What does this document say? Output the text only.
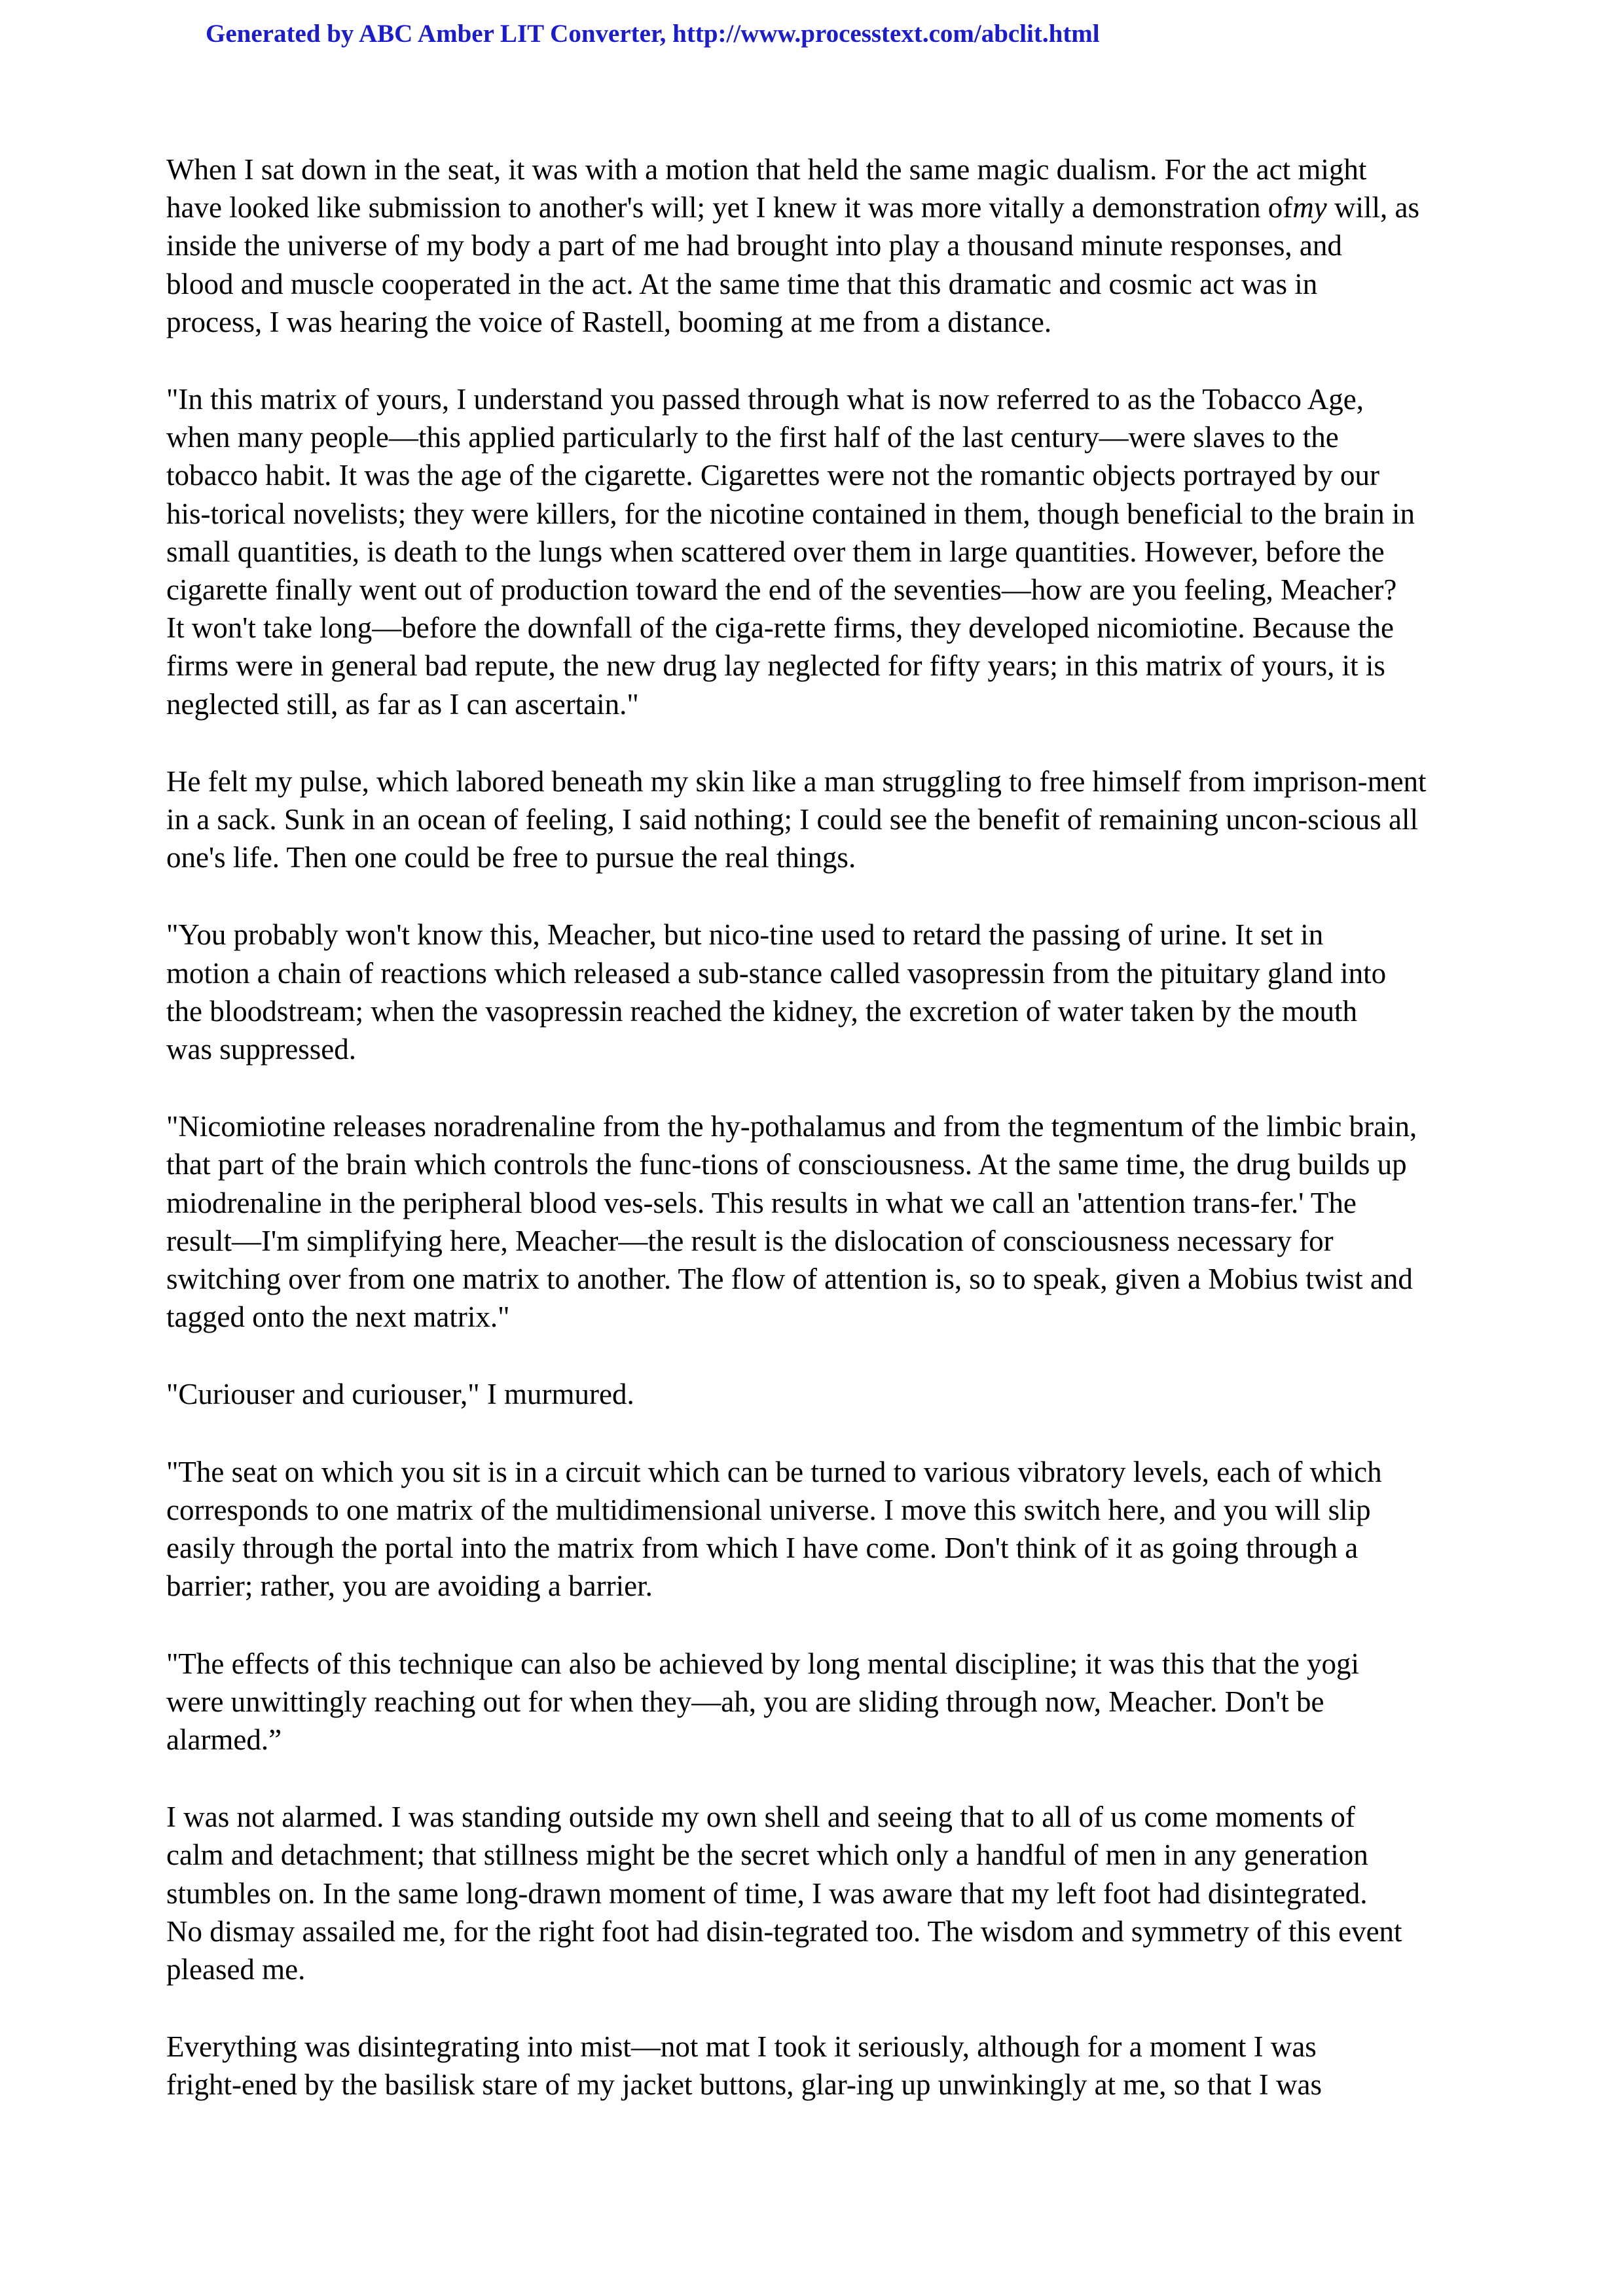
Generated by ABC Amber LIT Converter, http://www.processtext.com/abclit.html

When I sat down in the seat, it was with a motion that held the same magic dualism. For the act might
have looked like submission to another's will; yet I knew it was more vitally a demonstration ofmy will, as
inside the universe of my body a part of me had brought into play a thousand minute responses, and
blood and muscle cooperated in the act. At the same time that this dramatic and cosmic act was in
process, I was hearing the voice of Rastell, booming at me from a distance.

"In this matrix of yours, I understand you passed through what is now referred to as the Tobacco Age,
when many people—this applied particularly to the first half of the last century—were slaves to the
tobacco habit. It was the age of the cigarette. Cigarettes were not the romantic objects portrayed by our
his-torical novelists; they were killers, for the nicotine contained in them, though beneficial to the brain in
small quantities, is death to the lungs when scattered over them in large quantities. However, before the
cigarette finally went out of production toward the end of the seventies—how are you feeling, Meacher?
It won't take long—before the downfall of the ciga-rette firms, they developed nicomiotine. Because the
firms were in general bad repute, the new drug lay neglected for fifty years; in this matrix of yours, it is
neglected still, as far as I can ascertain."

He felt my pulse, which labored beneath my skin like a man struggling to free himself from imprison-ment
in a sack. Sunk in an ocean of feeling, I said nothing; I could see the benefit of remaining uncon-scious all
one's life. Then one could be free to pursue the real things.

"You probably won't know this, Meacher, but nico-tine used to retard the passing of urine. It set in
motion a chain of reactions which released a sub-stance called vasopressin from the pituitary gland into
the bloodstream; when the vasopressin reached the kidney, the excretion of water taken by the mouth
was suppressed.

"Nicomiotine releases noradrenaline from the hy-pothalamus and from the tegmentum of the limbic brain,
that part of the brain which controls the func-tions of consciousness. At the same time, the drug builds up
miodrenaline in the peripheral blood ves-sels. This results in what we call an 'attention trans-fer.' The
result—I'm simplifying here, Meacher—the result is the dislocation of consciousness necessary for
switching over from one matrix to another. The flow of attention is, so to speak, given a Mobius twist and
tagged onto the next matrix."

"Curiouser and curiouser," I murmured.

"The seat on which you sit is in a circuit which can be turned to various vibratory levels, each of which
corresponds to one matrix of the multidimensional universe. I move this switch here, and you will slip
easily through the portal into the matrix from which I have come. Don't think of it as going through a
barrier; rather, you are avoiding a barrier.

"The effects of this technique can also be achieved by long mental discipline; it was this that the yogi
were unwittingly reaching out for when they—ah, you are sliding through now, Meacher. Don't be
alarmed.”

I was not alarmed. I was standing outside my own shell and seeing that to all of us come moments of
calm and detachment; that stillness might be the secret which only a handful of men in any generation
stumbles on. In the same long-drawn moment of time, I was aware that my left foot had disintegrated.
No dismay assailed me, for the right foot had disin-tegrated too. The wisdom and symmetry of this event
pleased me.

Everything was disintegrating into mist—not mat I took it seriously, although for a moment I was
fright-ened by the basilisk stare of my jacket buttons, glar-ing up unwinkingly at me, so that I was
